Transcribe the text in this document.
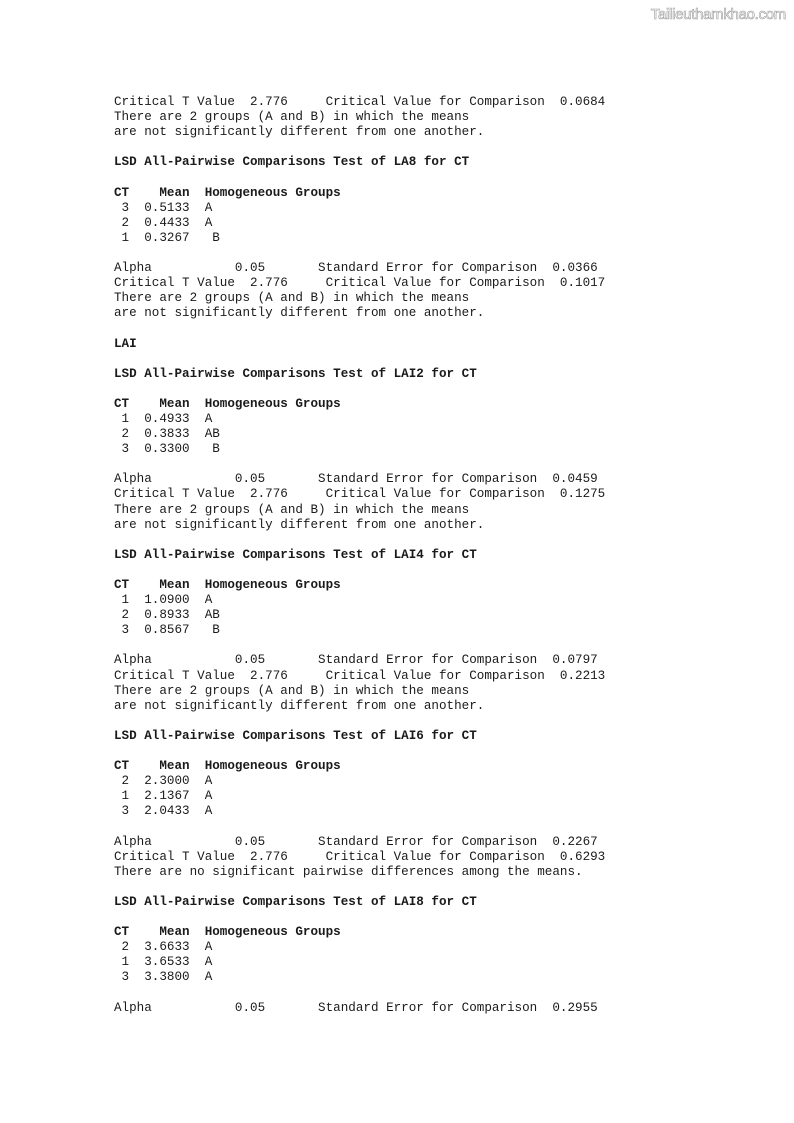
Tailieuthamkhao.com
Critical T Value  2.776     Critical Value for Comparison  0.0684
There are 2 groups (A and B) in which the means
are not significantly different from one another.
LSD All-Pairwise Comparisons Test of LA8 for CT
CT    Mean  Homogeneous Groups
3  0.5133  A
2  0.4433  A
1  0.3267   B
Alpha           0.05       Standard Error for Comparison  0.0366
Critical T Value  2.776     Critical Value for Comparison  0.1017
There are 2 groups (A and B) in which the means
are not significantly different from one another.
LAI
LSD All-Pairwise Comparisons Test of LAI2 for CT
CT    Mean  Homogeneous Groups
1  0.4933  A
2  0.3833  AB
3  0.3300   B
Alpha           0.05       Standard Error for Comparison  0.0459
Critical T Value  2.776     Critical Value for Comparison  0.1275
There are 2 groups (A and B) in which the means
are not significantly different from one another.
LSD All-Pairwise Comparisons Test of LAI4 for CT
CT    Mean  Homogeneous Groups
1  1.0900  A
2  0.8933  AB
3  0.8567   B
Alpha           0.05       Standard Error for Comparison  0.0797
Critical T Value  2.776     Critical Value for Comparison  0.2213
There are 2 groups (A and B) in which the means
are not significantly different from one another.
LSD All-Pairwise Comparisons Test of LAI6 for CT
CT    Mean  Homogeneous Groups
2  2.3000  A
1  2.1367  A
3  2.0433  A
Alpha           0.05       Standard Error for Comparison  0.2267
Critical T Value  2.776     Critical Value for Comparison  0.6293
There are no significant pairwise differences among the means.
LSD All-Pairwise Comparisons Test of LAI8 for CT
CT    Mean  Homogeneous Groups
2  3.6633  A
1  3.6533  A
3  3.3800  A
Alpha           0.05       Standard Error for Comparison  0.2955
